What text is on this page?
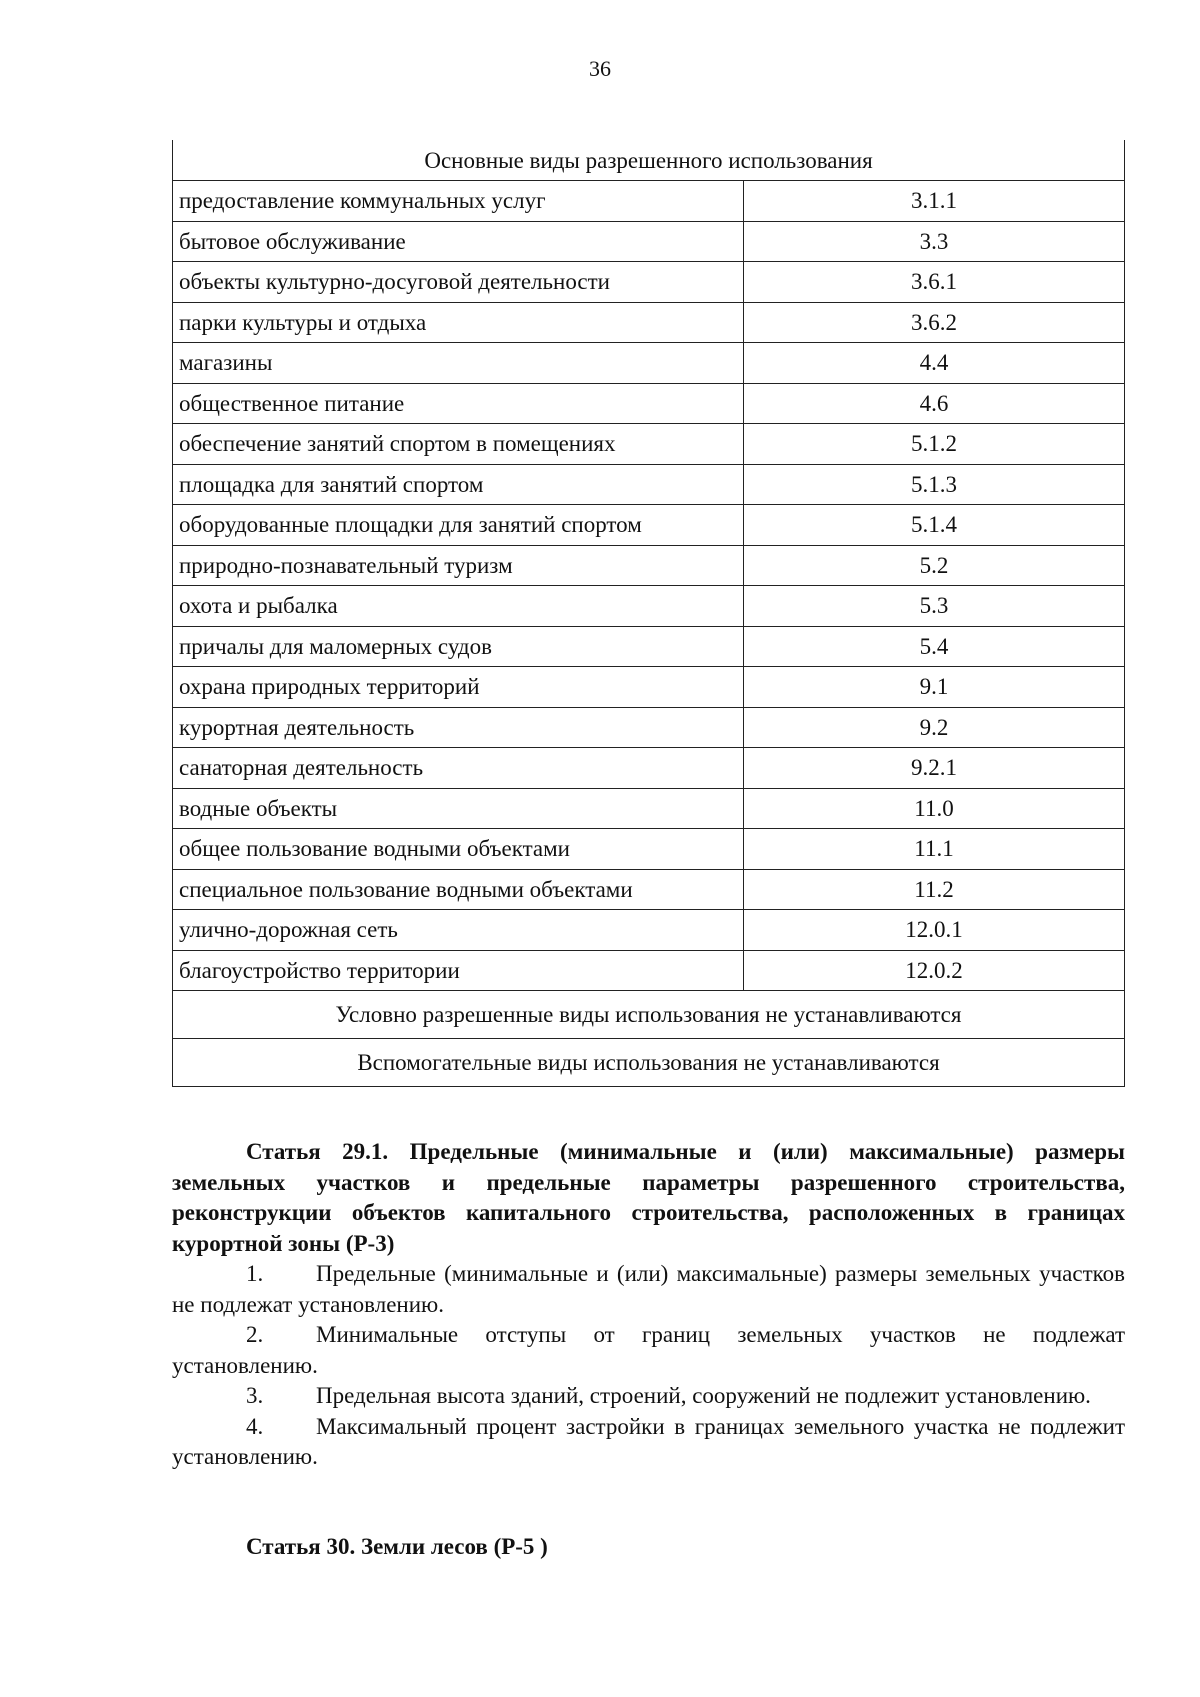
36
Основные виды разрешенного использования	
предоставление коммунальных услуг	3.1.1
бытовое обслуживание	3.3
объекты культурно-досуговой деятельности	3.6.1
парки культуры и отдыха	3.6.2
магазины	4.4
общественное питание	4.6
обеспечение занятий спортом в помещениях	5.1.2
площадка для занятий спортом	5.1.3
оборудованные площадки для занятий спортом	5.1.4
природно-познавательный туризм	5.2
охота и рыбалка	5.3
причалы для маломерных судов	5.4
охрана природных территорий	9.1
курортная деятельность	9.2
санаторная деятельность	9.2.1
водные объекты	11.0
общее пользование водными объектами	11.1
специальное пользование водными объектами	11.2
улично-дорожная сеть	12.0.1
благоустройство территории	12.0.2
Условно разрешенные виды использования не устанавливаются	
Вспомогательные виды использования не устанавливаются	

Статья 29.1. Предельные (минимальные и (или) максимальные) размеры земельных участков и предельные параметры разрешенного строительства, реконструкции объектов капитального строительства, расположенных в границах курортной зоны (Р-3)

1. Предельные (минимальные и (или) максимальные) размеры земельных участков не подлежат установлению.

2. Минимальные отступы от границ земельных участков не подлежат установлению.

3. Предельная высота зданий, строений, сооружений не подлежит установлению.

4. Максимальный процент застройки в границах земельного участка не подлежит установлению.

Статья 30. Земли лесов (Р-5 )
